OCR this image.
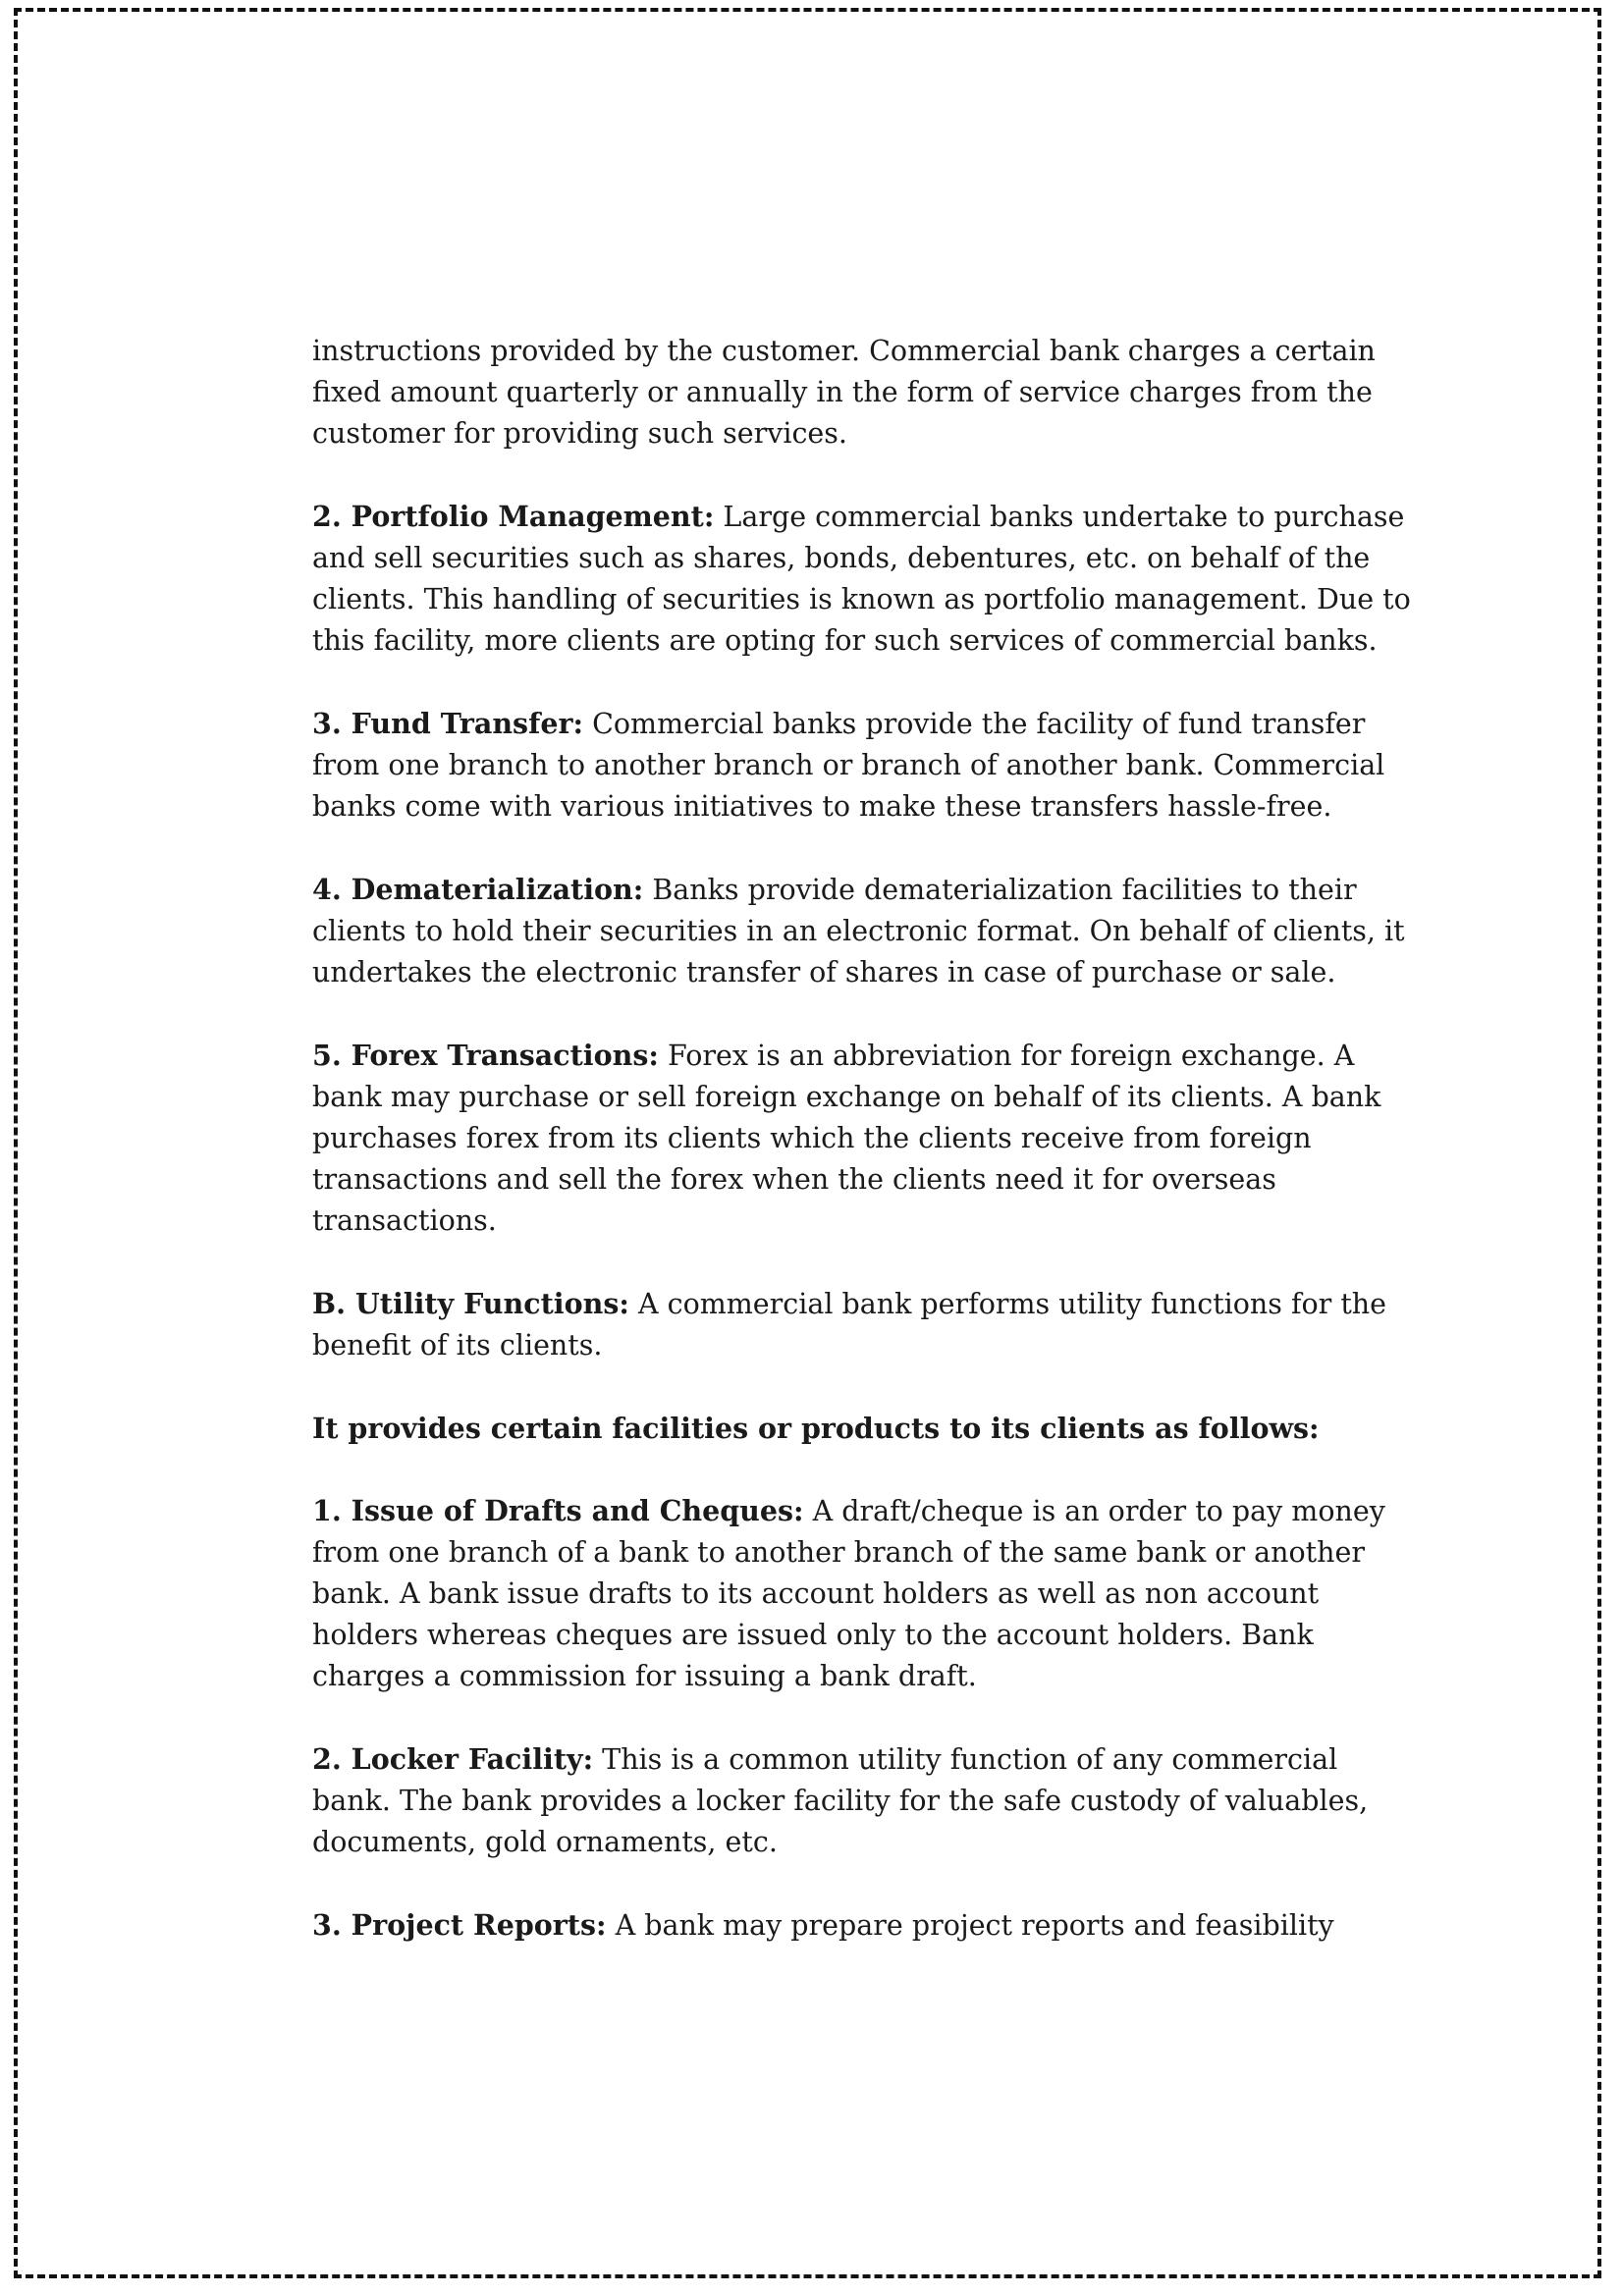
instructions provided by the customer. Commercial bank charges a certain fixed amount quarterly or annually in the form of service charges from the customer for providing such services.

2. Portfolio Management: Large commercial banks undertake to purchase and sell securities such as shares, bonds, debentures, etc. on behalf of the clients. This handling of securities is known as portfolio management. Due to this facility, more clients are opting for such services of commercial banks.

3. Fund Transfer: Commercial banks provide the facility of fund transfer from one branch to another branch or branch of another bank. Commercial banks come with various initiatives to make these transfers hassle-free.

4. Dematerialization: Banks provide dematerialization facilities to their clients to hold their securities in an electronic format. On behalf of clients, it undertakes the electronic transfer of shares in case of purchase or sale.

5. Forex Transactions: Forex is an abbreviation for foreign exchange. A bank may purchase or sell foreign exchange on behalf of its clients. A bank purchases forex from its clients which the clients receive from foreign transactions and sell the forex when the clients need it for overseas transactions.

B. Utility Functions: A commercial bank performs utility functions for the benefit of its clients.

It provides certain facilities or products to its clients as follows:

1. Issue of Drafts and Cheques: A draft/cheque is an order to pay money from one branch of a bank to another branch of the same bank or another bank. A bank issue drafts to its account holders as well as non account holders whereas cheques are issued only to the account holders. Bank charges a commission for issuing a bank draft.

2. Locker Facility: This is a common utility function of any commercial bank. The bank provides a locker facility for the safe custody of valuables, documents, gold ornaments, etc.

3. Project Reports: A bank may prepare project reports and feasibility
